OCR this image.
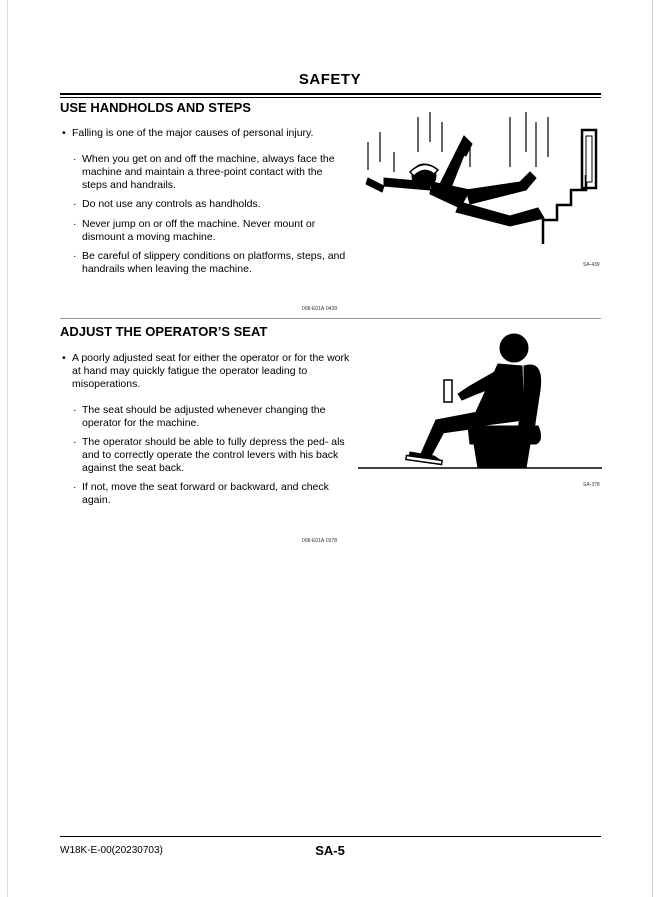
SAFETY
USE HANDHOLDS AND STEPS
• Falling is one of the major causes of personal injury.
· When you get on and off the machine, always face the machine and maintain a three-point contact with the steps and handrails.
· Do not use any controls as handholds.
· Never jump on or off the machine. Never mount or dismount a moving machine.
· Be careful of slippery conditions on platforms, steps, and handrails when leaving the machine.	SA-439
008-E01A-0439
ADJUST THE OPERATOR’S SEAT
• A poorly adjusted seat for either the operator or for the work at hand may quickly fatigue the operator leading to misoperations.
· The seat should be adjusted whenever changing the operator for the machine.
· The operator should be able to fully depress the ped- als and to correctly operate the control levers with his back against the seat back.
· If not, move the seat forward or backward, and check again.
SA-378
008-E01A-0378
W18K-E-00(20230703)	SA-5
